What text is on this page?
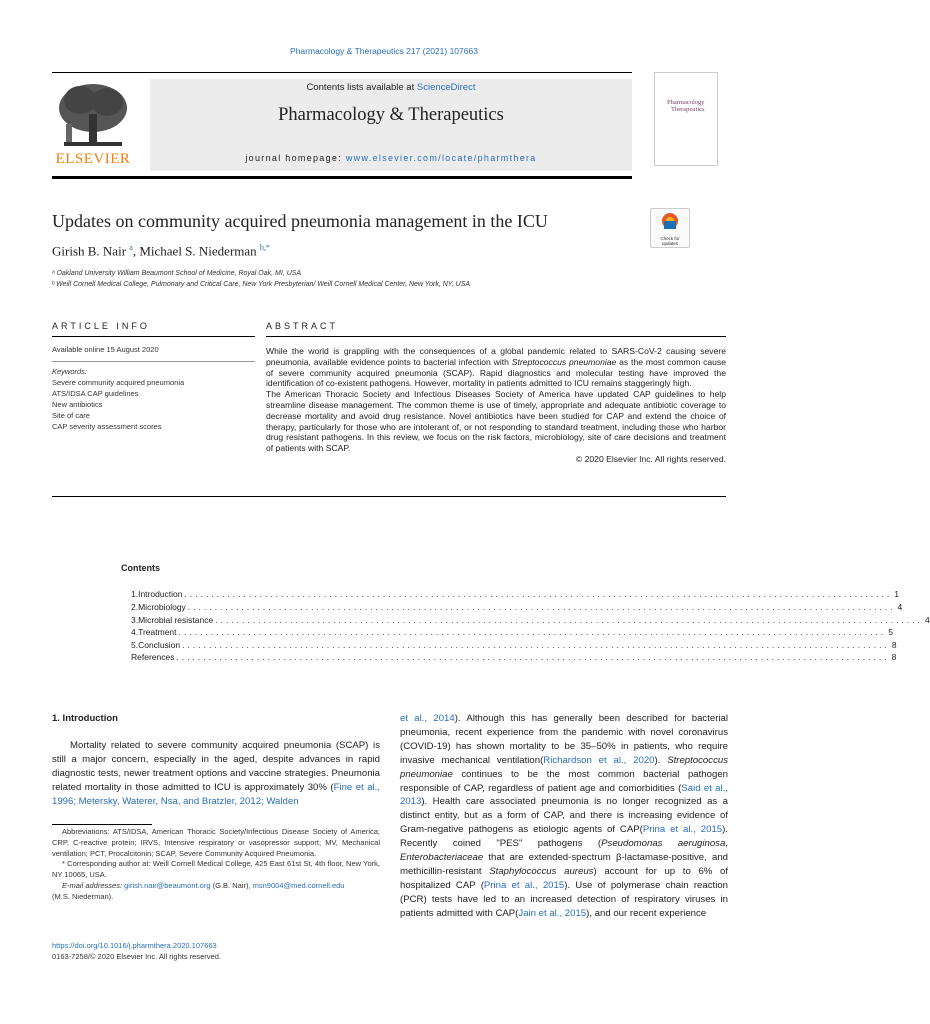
Pharmacology & Therapeutics 217 (2021) 107663
Contents lists available at ScienceDirect
Pharmacology & Therapeutics
journal homepage: www.elsevier.com/locate/pharmthera
ELSEVIER
Pharmacology
Therapeutics
Updates on community acquired pneumonia management in the ICU
Check for
updates
Girish B. Nair $^a$, Michael S. Niederman $^{b,*}$
ᵃ Oakland University William Beaumont School of Medicine, Royal Oak, MI, USA
ᵇ Weill Cornell Medical College, Pulmonary and Critical Care, New York Presbyterian/ Weill Cornell Medical Center, New York, NY, USA
ARTICLE INFO	ABSTRACT
Available online 15 August 2020
Keywords:
Severe community acquired pneumonia
ATS/IDSA CAP guidelines
New antibiotics
Site of care
CAP severity assessment scores

While the world is grappling with the consequences of a global pandemic related to SARS-CoV-2 causing severe pneumonia, available evidence points to bacterial infection with Streptococcus pneumoniae as the most common cause of severe community acquired pneumonia (SCAP). Rapid diagnostics and molecular testing have improved the identification of co-existent pathogens. However, mortality in patients admitted to ICU remains staggeringly high.

The American Thoracic Society and Infectious Diseases Society of America have updated CAP guidelines to help streamline disease management. The common theme is use of timely, appropriate and adequate antibiotic coverage to decrease mortality and avoid drug resistance. Novel antibiotics have been studied for CAP and extend the choice of therapy, particularly for those who are intolerant of, or not responding to standard treatment, including those who harbor drug resistant pathogens. In this review, we focus on the risk factors, microbiology, site of care decisions and treatment of patients with SCAP.

© 2020 Elsevier Inc. All rights reserved.

Contents
1. Introduction .................................................................................................................................... 1
2. Microbiology .................................................................................................................................... 4
3. Microbial resistance .................................................................................................................................... 4
4. Treatment .................................................................................................................................... 5
5. Conclusion .................................................................................................................................... 8
References ..................................................................................................................................... 8
1. Introduction
Mortality related to severe community acquired pneumonia (SCAP) is still a major concern, especially in the aged, despite advances in rapid diagnostic tests, newer treatment options and vaccine strategies. Pneumonia related mortality in those admitted to ICU is approximately 30% (Fine et al., 1996; Metersky, Waterer, Nsa, and Bratzler, 2012; Walden

Abbreviations: ATS/IDSA, American Thoracic Society/Infectious Disease Society of America; CRP, C-reactive protein; IRVS, Intensive respiratory or vasopressor support; MV, Mechanical ventilation; PCT, Procalcitonin; SCAP, Severe Community Acquired Pneumonia.

* Corresponding author at: Weill Cornell Medical College, 425 East 61st St, 4th floor, New York, NY 10065, USA.

E-mail addresses: girish.nair@beaumont.org (G.B. Nair), msn9004@med.cornell.edu
(M.S. Niederman).

https://doi.org/10.1016/j.pharmthera.2020.107663
0163-7258/© 2020 Elsevier Inc. All rights reserved.
et al., 2014). Although this has generally been described for bacterial pneumonia, recent experience from the pandemic with novel coronavirus (COVID-19) has shown mortality to be 35–50% in patients, who require invasive mechanical ventilation(Richardson et al., 2020). Streptococcus pneumoniae continues to be the most common bacterial pathogen responsible of CAP, regardless of patient age and comorbidities (Said et al., 2013). Health care associated pneumonia is no longer recognized as a distinct entity, but as a form of CAP, and there is increasing evidence of Gram-negative pathogens as etiologic agents of CAP(Prina et al., 2015). Recently coined "PES" pathogens (Pseudomonas aeruginosa, Enterobacteriaceae that are extended-spectrum β-lactamase-positive, and methicillin-resistant Staphylococcus aureus) account for up to 6% of hospitalized CAP (Prina et al., 2015). Use of polymerase chain reaction (PCR) tests have led to an increased detection of respiratory viruses in patients admitted with CAP(Jain et al., 2015), and our recent experience
